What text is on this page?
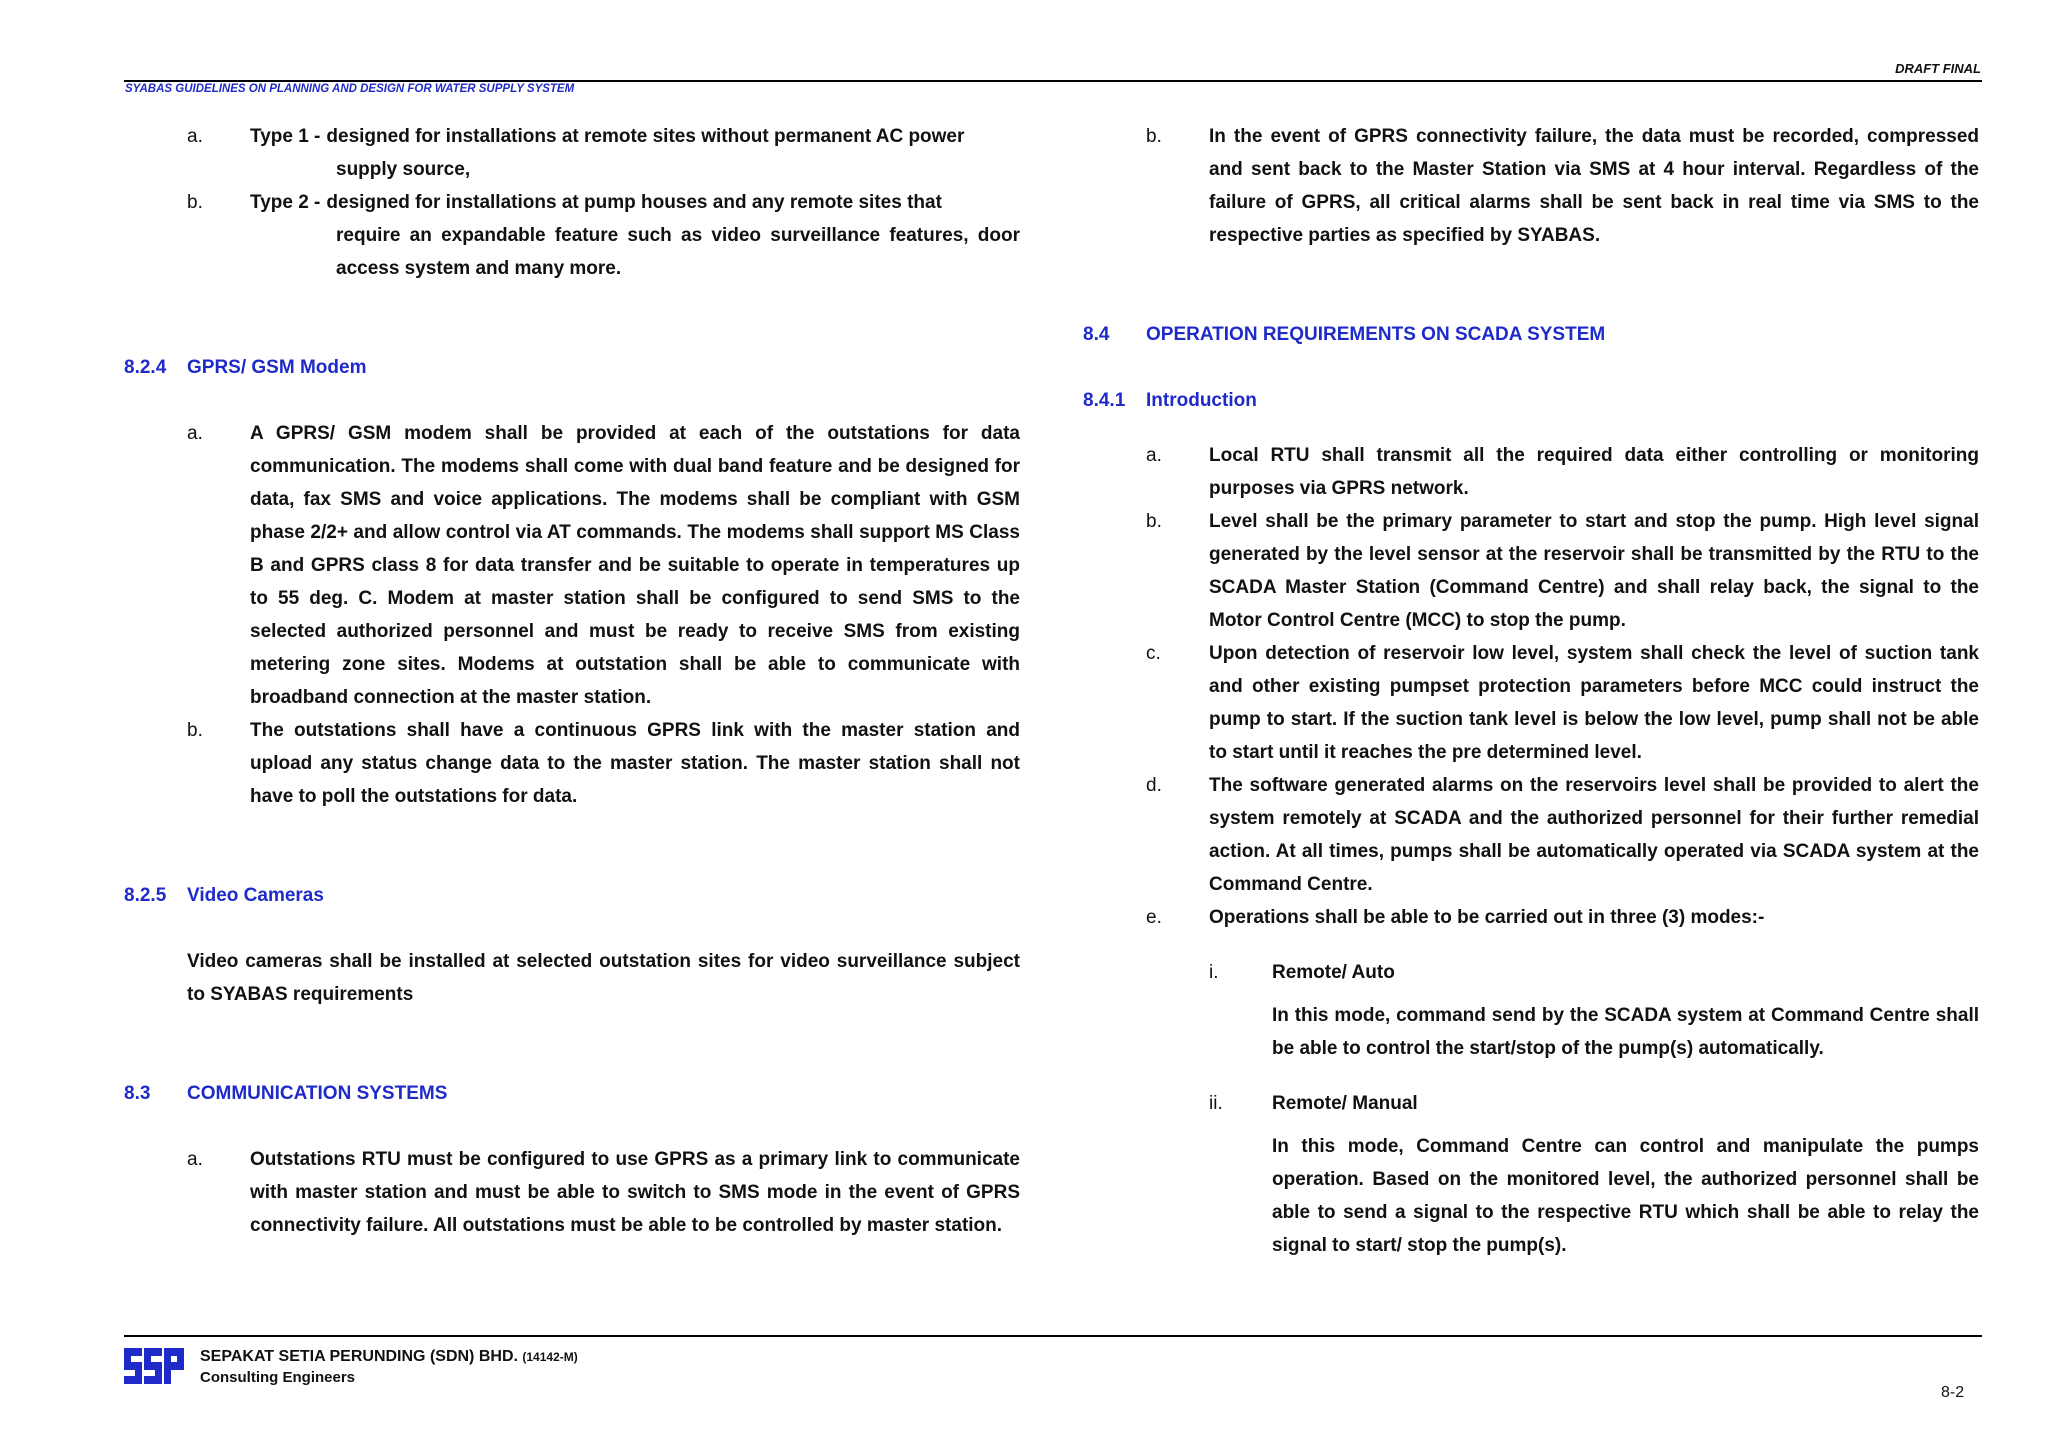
DRAFT FINAL
SYABAS GUIDELINES ON PLANNING AND DESIGN FOR WATER SUPPLY SYSTEM
a.	Type 1 - designed for installations at remote sites without permanent AC power
supply source,
b.	Type 2 - designed for installations at pump houses and any remote sites that
require an expandable feature such as video surveillance features, door access system and many more.
8.2.4	GPRS/ GSM Modem
a.	A GPRS/ GSM modem shall be provided at each of the outstations for data communication. The modems shall come with dual band feature and be designed for data, fax SMS and voice applications. The modems shall be compliant with GSM phase 2/2+ and allow control via AT commands. The modems shall support MS Class B and GPRS class 8 for data transfer and be suitable to operate in temperatures up to 55 deg. C. Modem at master station shall be configured to send SMS to the selected authorized personnel and must be ready to receive SMS from existing metering zone sites. Modems at outstation shall be able to communicate with broadband connection at the master station.
b.	The outstations shall have a continuous GPRS link with the master station and upload any status change data to the master station. The master station shall not have to poll the outstations for data.
8.2.5	Video Cameras
Video cameras shall be installed at selected outstation sites for video surveillance subject to SYABAS requirements
8.3	COMMUNICATION SYSTEMS
a.	Outstations RTU must be configured to use GPRS as a primary link to communicate with master station and must be able to switch to SMS mode in the event of GPRS connectivity failure. All outstations must be able to be controlled by master station.
b.	In the event of GPRS connectivity failure, the data must be recorded, compressed and sent back to the Master Station via SMS at 4 hour interval. Regardless of the failure of GPRS, all critical alarms shall be sent back in real time via SMS to the respective parties as specified by SYABAS.
8.4	OPERATION REQUIREMENTS ON SCADA SYSTEM
8.4.1	Introduction
a.	Local RTU shall transmit all the required data either controlling or monitoring purposes via GPRS network.
b.	Level shall be the primary parameter to start and stop the pump. High level signal generated by the level sensor at the reservoir shall be transmitted by the RTU to the SCADA Master Station (Command Centre) and shall relay back, the signal to the Motor Control Centre (MCC) to stop the pump.
c.	Upon detection of reservoir low level, system shall check the level of suction tank and other existing pumpset protection parameters before MCC could instruct the pump to start. If the suction tank level is below the low level, pump shall not be able to start until it reaches the pre determined level.
d.	The software generated alarms on the reservoirs level shall be provided to alert the system remotely at SCADA and the authorized personnel for their further remedial action. At all times, pumps shall be automatically operated via SCADA system at the Command Centre.
e.	Operations shall be able to be carried out in three (3) modes:-
i.	Remote/ Auto
In this mode, command send by the SCADA system at Command Centre shall be able to control the start/stop of the pump(s) automatically.
ii.	Remote/ Manual
In this mode, Command Centre can control and manipulate the pumps operation. Based on the monitored level, the authorized personnel shall be able to send a signal to the respective RTU which shall be able to relay the signal to start/ stop the pump(s).
SEPAKAT SETIA PERUNDING (SDN) BHD. (14142-M)
Consulting Engineers
8-2
